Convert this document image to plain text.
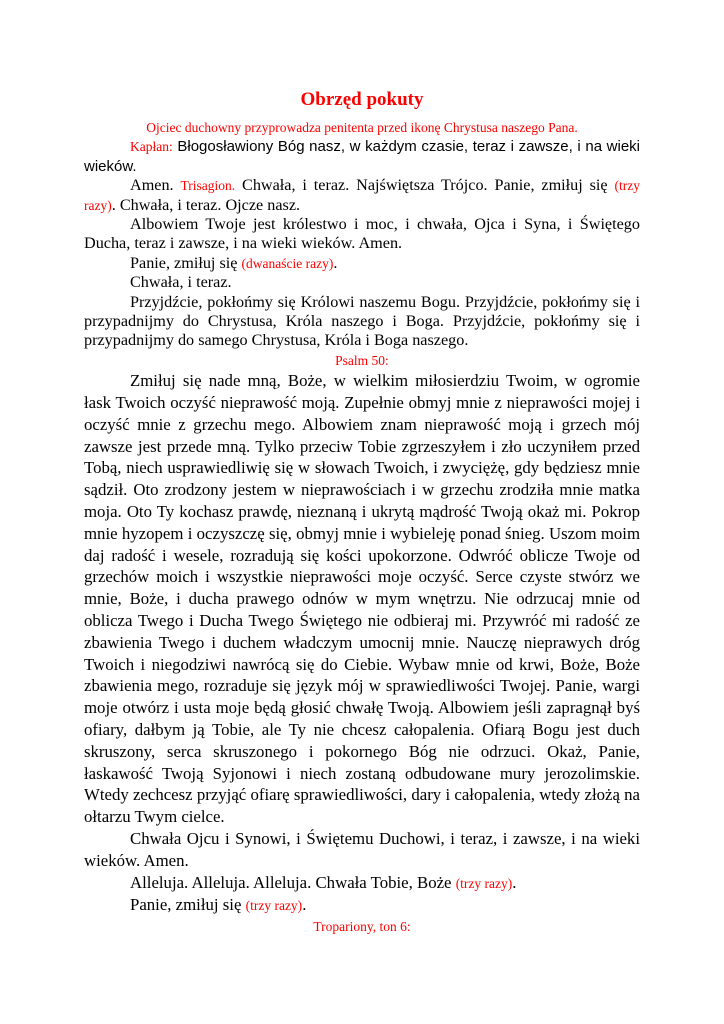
Obrzęd pokuty

Ojciec duchowny przyprowadza penitenta przed ikonę Chrystusa naszego Pana.

Kapłan: Błogosławiony Bóg nasz, w każdym czasie, teraz i zawsze, i na wieki wieków.

Amen. Trisagion. Chwała, i teraz. Najświętsza Trójco. Panie, zmiłuj się (trzy razy). Chwała, i teraz. Ojcze nasz.

Albowiem Twoje jest królestwo i moc, i chwała, Ojca i Syna, i Świętego Ducha, teraz i zawsze, i na wieki wieków. Amen.

Panie, zmiłuj się (dwanaście razy).

Chwała, i teraz.

Przyjdźcie, pokłońmy się Królowi naszemu Bogu. Przyjdźcie, pokłońmy się i przypadnijmy do Chrystusa, Króla naszego i Boga. Przyjdźcie, pokłońmy się i przypadnijmy do samego Chrystusa, Króla i Boga naszego.

Psalm 50:

Zmiłuj się nade mną, Boże, w wielkim miłosierdziu Twoim, w ogromie łask Twoich oczyść nieprawość moją. Zupełnie obmyj mnie z nieprawości mojej i oczyść mnie z grzechu mego. Albowiem znam nieprawość moją i grzech mój zawsze jest przede mną. Tylko przeciw Tobie zgrzeszyłem i zło uczyniłem przed Tobą, niech usprawiedliwię się w słowach Twoich, i zwyciężę, gdy będziesz mnie sądził. Oto zrodzony jestem w nieprawościach i w grzechu zrodziła mnie matka moja. Oto Ty kochasz prawdę, nieznaną i ukrytą mądrość Twoją okaż mi. Pokrop mnie hyzopem i oczyszczę się, obmyj mnie i wybieleję ponad śnieg. Uszom moim daj radość i wesele, rozradują się kości upokorzone. Odwróć oblicze Twoje od grzechów moich i wszystkie nieprawości moje oczyść. Serce czyste stwórz we mnie, Boże, i ducha prawego odnów w mym wnętrzu. Nie odrzucaj mnie od oblicza Twego i Ducha Twego Świętego nie odbieraj mi. Przywróć mi radość ze zbawienia Twego i duchem władczym umocnij mnie. Nauczę nieprawych dróg Twoich i niegodziwi nawrócą się do Ciebie. Wybaw mnie od krwi, Boże, Boże zbawienia mego, rozraduje się język mój w sprawiedliwości Twojej. Panie, wargi moje otwórz i usta moje będą głosić chwałę Twoją. Albowiem jeśli zapragnął byś ofiary, dałbym ją Tobie, ale Ty nie chcesz całopalenia. Ofiarą Bogu jest duch skruszony, serca skruszonego i pokornego Bóg nie odrzuci. Okaż, Panie, łaskawość Twoją Syjonowi i niech zostaną odbudowane mury jerozolimskie. Wtedy zechcesz przyjąć ofiarę sprawiedliwości, dary i całopalenia, wtedy złożą na ołtarzu Twym cielce.

Chwała Ojcu i Synowi, i Świętemu Duchowi, i teraz, i zawsze, i na wieki wieków. Amen.

Alleluja. Alleluja. Alleluja. Chwała Tobie, Boże (trzy razy).

Panie, zmiłuj się (trzy razy).

Tropariony, ton 6:
